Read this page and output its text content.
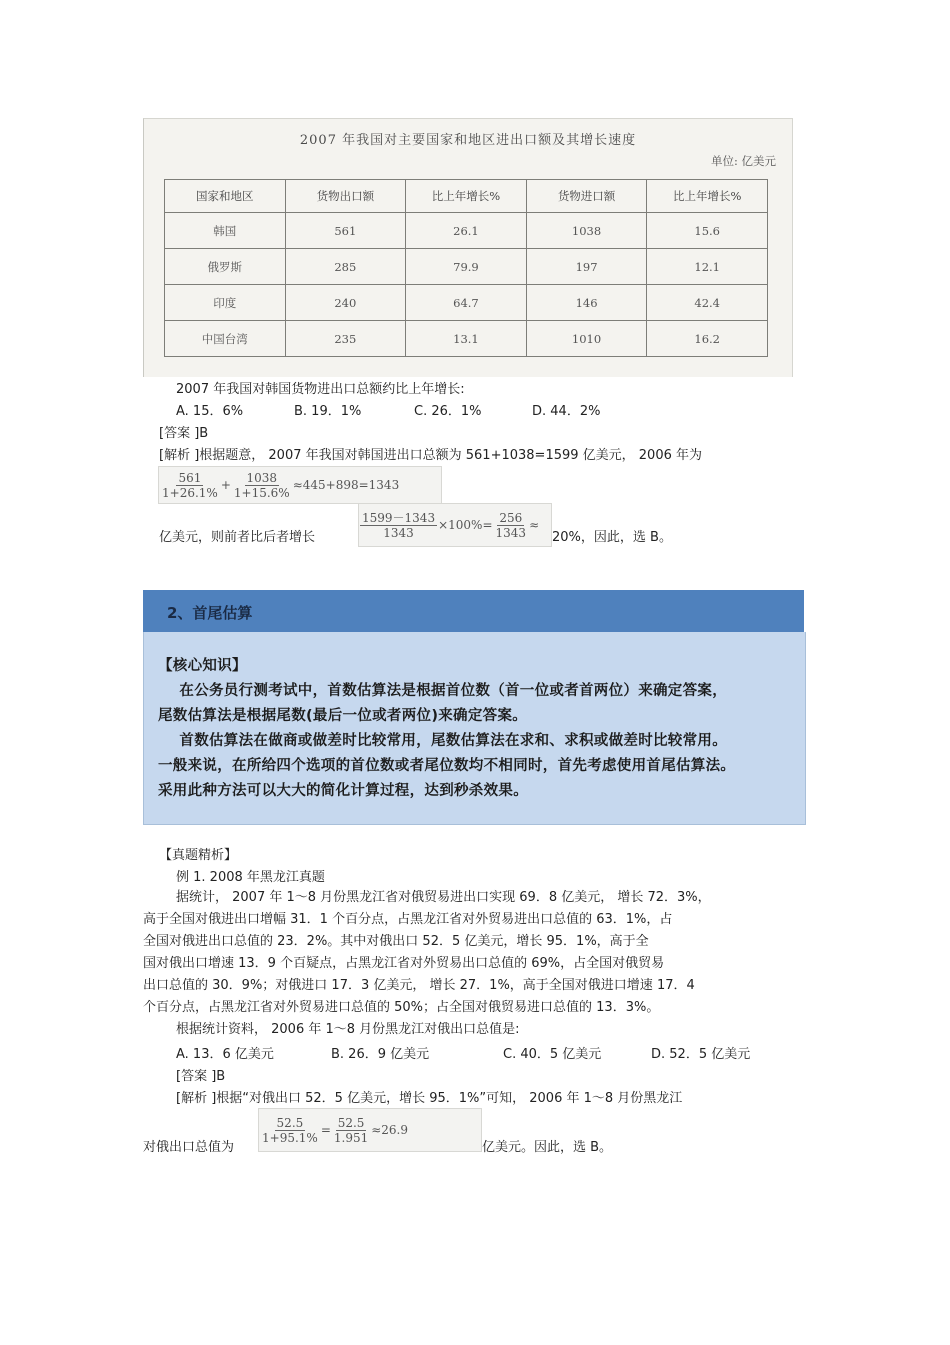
2007 年我国对主要国家和地区进出口额及其增长速度
单位: 亿美元
国家和地区	货物出口额	比上年增长%	货物进口额	比上年增长%
韩国	561	26.1	1038	15.6
俄罗斯	285	79.9	197	12.1
印度	240	64.7	146	42.4
中国台湾	235	13.1	1010	16.2
2007 年我国对韩国货物进出口总额约比上年增长:
A. 15．6%	B. 19．1%	C. 26．1%	D. 44．2%
[答案 ]B
[解析 ]根据题意， 2007 年我国对韩国进出口总额为 561+1038=1599 亿美元， 2006 年为
$\frac{561}{1+26.1\%} + \frac{1038}{1+15.6\%} \approx 445+898=1343$
亿美元，则前者比后者增长	$\frac{1599-1343}{1343} \times 100\%= \frac{256}{1343}$ ≈
20%，因此，选 B。
2、首尾估算
【核心知识】
在公务员行测考试中，首数估算法是根据首位数（首一位或者首两位）来确定答案，
尾数估算法是根据尾数(最后一位或者两位)来确定答案。
首数估算法在做商或做差时比较常用，尾数估算法在求和、求积或做差时比较常用。
一般来说，在所给四个选项的首位数或者尾位数均不相同时，首先考虑使用首尾估算法。
采用此种方法可以大大的简化计算过程，达到秒杀效果。
【真题精析】
例 1. 2008 年黑龙江真题
据统计， 2007 年 1～8 月份黑龙江省对俄贸易进出口实现 69．8 亿美元， 增长 72．3%，
高于全国对俄进出口增幅 31．1 个百分点，占黑龙江省对外贸易进出口总值的 63．1%，占
全国对俄进出口总值的 23．2%。其中对俄出口 52．5 亿美元，增长 95．1%，高于全
国对俄出口增速 13．9 个百疑点，占黑龙江省对外贸易出口总值的 69%，占全国对俄贸易
出口总值的 30．9%；对俄进口 17．3 亿美元， 增长 27．1%，高于全国对俄进口增速 17．4
个百分点，占黑龙江省对外贸易进口总值的 50%；占全国对俄贸易进口总值的 13．3%。
根据统计资料， 2006 年 1～8 月份黑龙江对俄出口总值是:
A. 13．6 亿美元	B. 26．9 亿美元	C. 40．5 亿美元	D. 52．5 亿美元
[答案 ]B
[解析 ]根据“对俄出口 52．5 亿美元，增长 95．1%”可知， 2006 年 1～8 月份黑龙江
对俄出口总值为
$\frac{52.5}{1+95.1\%} = \frac{52.5}{1.951} \approx 26.9$
亿美元。因此，选 B。
